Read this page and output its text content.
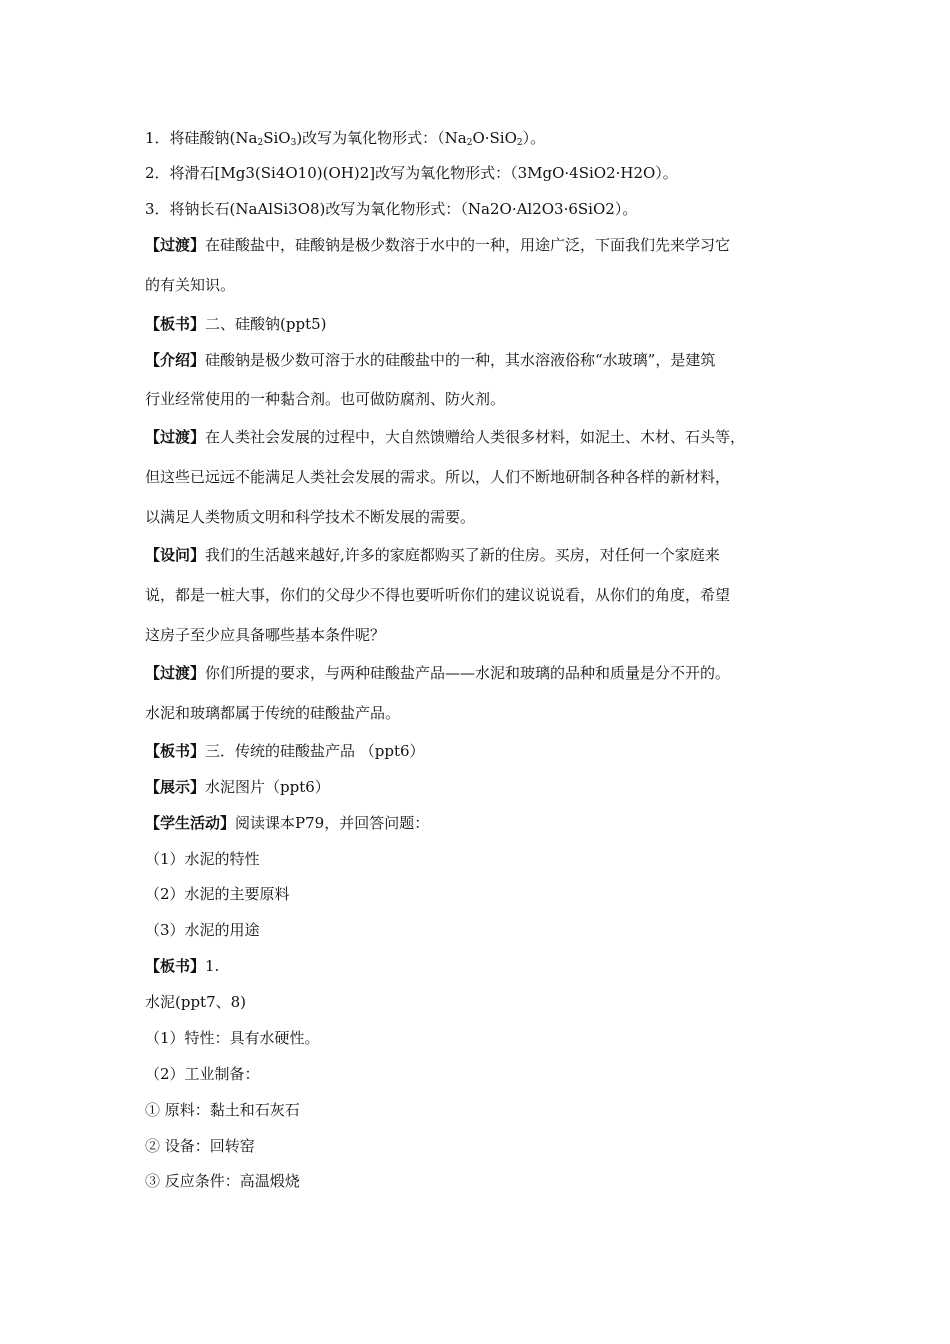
1．将硅酸钠$(Na_2SiO_3)$改写为氧化物形式：$(Na_2O\cdot SiO_2)$。
2．将滑石[Mg3(Si4O10)(OH)2]改写为氧化物形式：（3MgO·4SiO2·H2O）。
3．将钠长石(NaAlSi3O8)改写为氧化物形式：（Na2O·Al2O3·6SiO2）。
【过渡】在硅酸盐中，硅酸钠是极少数溶于水中的一种，用途广泛，下面我们先来学习它
的有关知识。
【板书】二、硅酸钠(ppt5)
【介绍】硅酸钠是极少数可溶于水的硅酸盐中的一种，其水溶液俗称“水玻璃”，是建筑
行业经常使用的一种黏合剂。也可做防腐剂、防火剂。
【过渡】在人类社会发展的过程中，大自然馈赠给人类很多材料，如泥土、木材、石头等，
但这些已远远不能满足人类社会发展的需求。所以，人们不断地研制各种各样的新材料，
以满足人类物质文明和科学技术不断发展的需要。
【设问】我们的生活越来越好,许多的家庭都购买了新的住房。买房，对任何一个家庭来
说，都是一桩大事，你们的父母少不得也要听听你们的建议说说看，从你们的角度，希望
这房子至少应具备哪些基本条件呢？
【过渡】你们所提的要求，与两种硅酸盐产品——水泥和玻璃的品种和质量是分不开的。
水泥和玻璃都属于传统的硅酸盐产品。
【板书】三．传统的硅酸盐产品 （ppt6）
【展示】水泥图片（ppt6）
【学生活动】阅读课本P79，并回答问题：
（1）水泥的特性
（2）水泥的主要原料
（3）水泥的用途
【板书】1.
水泥(ppt7、8)
（1）特性：具有水硬性。
（2）工业制备：
① 原料：黏土和石灰石
② 设备：回转窑
③ 反应条件：高温煅烧
